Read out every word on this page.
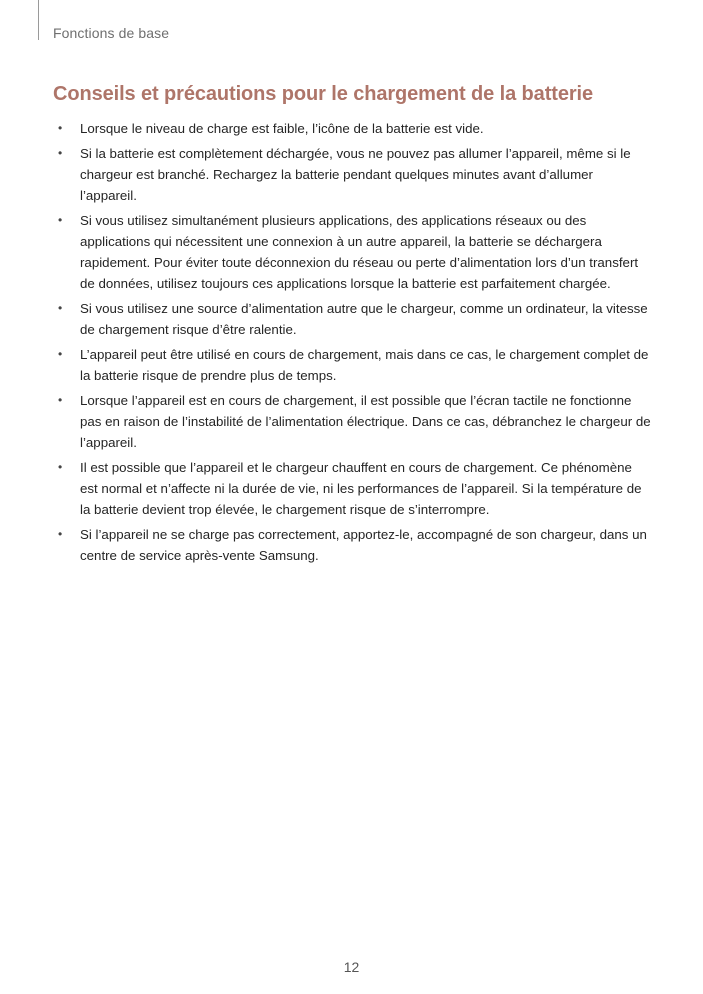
Fonctions de base
Conseils et précautions pour le chargement de la batterie
• Lorsque le niveau de charge est faible, l’icône de la batterie est vide.
• Si la batterie est complètement déchargée, vous ne pouvez pas allumer l’appareil, même si le chargeur est branché. Rechargez la batterie pendant quelques minutes avant d’allumer l’appareil.
• Si vous utilisez simultanément plusieurs applications, des applications réseaux ou des applications qui nécessitent une connexion à un autre appareil, la batterie se déchargera rapidement. Pour éviter toute déconnexion du réseau ou perte d’alimentation lors d’un transfert de données, utilisez toujours ces applications lorsque la batterie est parfaitement chargée.
• Si vous utilisez une source d’alimentation autre que le chargeur, comme un ordinateur, la vitesse de chargement risque d’être ralentie.
• L’appareil peut être utilisé en cours de chargement, mais dans ce cas, le chargement complet de la batterie risque de prendre plus de temps.
• Lorsque l’appareil est en cours de chargement, il est possible que l’écran tactile ne fonctionne pas en raison de l’instabilité de l’alimentation électrique. Dans ce cas, débranchez le chargeur de l’appareil.
• Il est possible que l’appareil et le chargeur chauffent en cours de chargement. Ce phénomène est normal et n’affecte ni la durée de vie, ni les performances de l’appareil. Si la température de la batterie devient trop élevée, le chargement risque de s’interrompre.
• Si l’appareil ne se charge pas correctement, apportez-le, accompagné de son chargeur, dans un centre de service après-vente Samsung.
12
